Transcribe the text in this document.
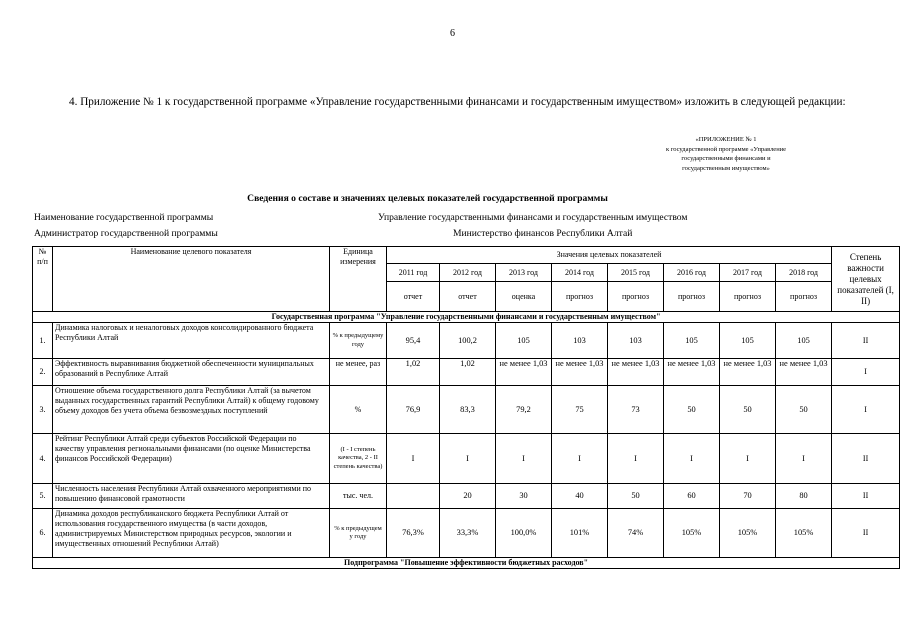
6
4. Приложение № 1 к государственной программе «Управление государственными финансами и государственным имуществом» изложить в следующей редакции:
«ПРИЛОЖЕНИЕ № 1
к государственной программе «Управление
государственными финансами и
государственным имуществом»
Сведения о составе и значениях целевых показателей государственной программы
Наименование государственной программы	Управление государственными финансами и государственным имуществом
Администратор государственной программы	Министерство финансов Республики Алтай
№ п/п	Наименование целевого показателя	Единица измерения	Значения целевых показателей								Степень важности целевых показателей (I, II)
			2011 год	2012 год	2013 год	2014 год	2015 год	2016 год	2017 год	2018 год	
			отчет	отчет	оценка	прогноз	прогноз	прогноз	прогноз	прогноз	
Государственная программа "Управление государственными финансами и государственным имуществом"											
1.	Динамика налоговых и неналоговых доходов консолидированного бюджета Республики Алтай	% к предыдущему году	95,4	100,2	105	103	103	105	105	105	II
2.	Эффективность выравнивания бюджетной обеспеченности муниципальных образований в Республике Алтай	не менее, раз	1,02	1,02	не менее 1,03	не менее 1,03	не менее 1,03	не менее 1,03	не менее 1,03	не менее 1,03	I
3.	Отношение объема государственного долга Республики Алтай (за вычетом выданных государственных гарантий Республики Алтай) к общему годовому объему доходов без учета объема безвозмездных поступлений	%	76,9	83,3	79,2	75	73	50	50	50	I
4.	Рейтинг Республики Алтай среди субъектов Российской Федерации по качеству управления региональными финансами (по оценке Министерства финансов Российской Федерации)	(I - I степень качества, 2 - II степень качества)	I	I	I	I	I	I	I	I	II
5.	Численность населения Республики Алтай охваченного мероприятиями по повышению финансовой грамотности	тыс. чел.		20	30	40	50	60	70	80	II
6.	Динамика доходов республиканского бюджета Республики Алтай от использования государственного имущества (в части доходов, администрируемых Министерством природных ресурсов, экологии и имущественных отношений Республики Алтай)	% к предыдущем у году	76,3%	33,3%	100,0%	101%	74%	105%	105%	105%	II
Подпрограмма "Повышение эффективности бюджетных расходов"											
